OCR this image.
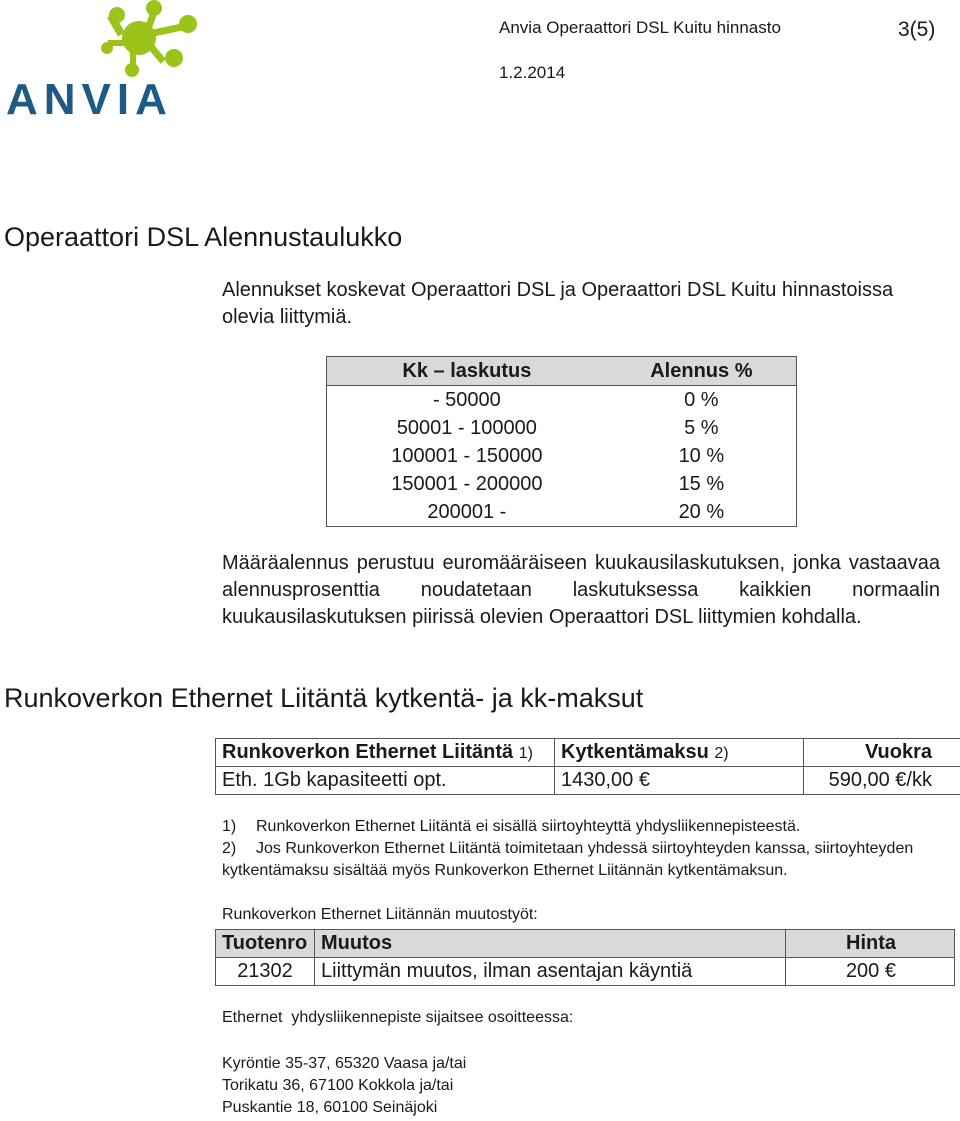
ANVIA
Anvia Operaattori DSL Kuitu hinnasto	3(5)
1.2.2014
Operaattori DSL Alennustaulukko

Alennukset koskevat Operaattori DSL ja Operaattori DSL Kuitu hinnastoissa olevia liittymiä.

Kk – laskutus	Alennus %
- 50000	0 %
50001 - 100000	5 %
100001 - 150000	10 %
150001 - 200000	15 %
200001 -	20 %

Määräalennus perustuu euromääräiseen kuukausilaskutuksen, jonka vastaavaa alennusprosenttia noudatetaan laskutuksessa kaikkien normaalin kuukausilaskutuksen piirissä olevien Operaattori DSL liittymien kohdalla.

Runkoverkon Ethernet Liitäntä kytkentä- ja kk-maksut
Runkoverkon Ethernet Liitäntä 1)	Kytkentämaksu 2)	Vuokra
Eth. 1Gb kapasiteetti opt.	1430,00 €	590,00 €/kk
1)	Runkoverkon Ethernet Liitäntä ei sisällä siirtoyhteyttä yhdysliikennepisteestä.
2)	Jos Runkoverkon Ethernet Liitäntä toimitetaan yhdessä siirtoyhteyden kanssa, siirtoyhteyden
kytkentämaksu sisältää myös Runkoverkon Ethernet Liitännän kytkentämaksun.
Runkoverkon Ethernet Liitännän muutostyöt:
Tuotenro	Muutos	Hinta
21302	Liittymän muutos, ilman asentajan käyntiä	200 €
Ethernet  yhdysliikennepiste sijaitsee osoitteessa:
Kyröntie 35-37, 65320 Vaasa ja/tai
Torikatu 36, 67100 Kokkola ja/tai
Puskantie 18, 60100 Seinäjoki
